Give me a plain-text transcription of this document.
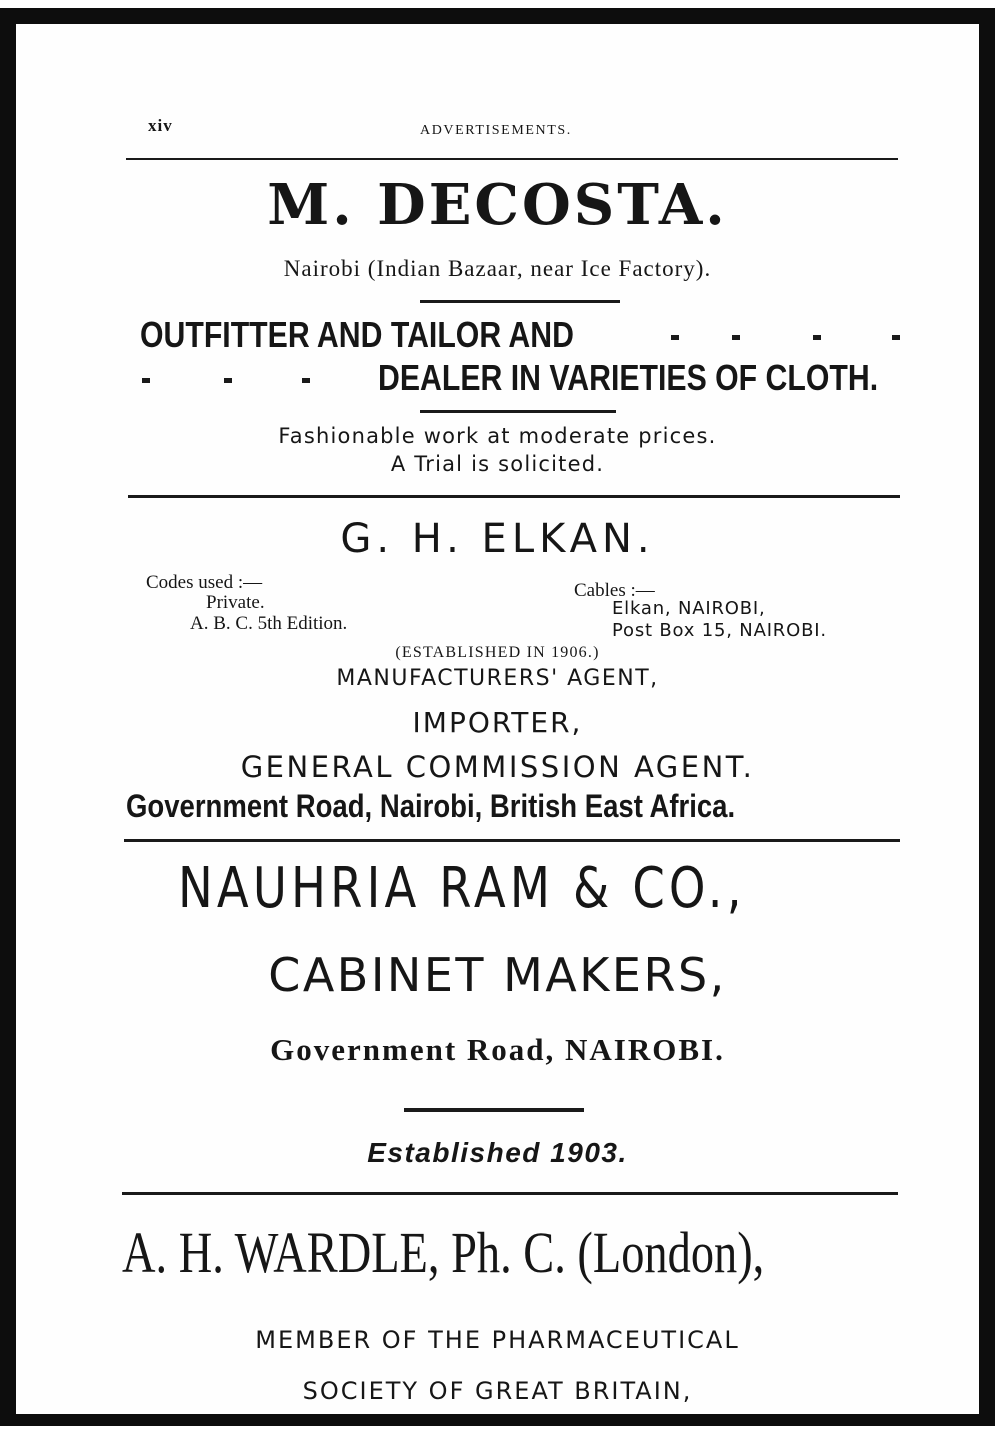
xiv	ADVERTISEMENTS.
M. DECOSTA.
Nairobi (Indian Bazaar, near Ice Factory).
OUTFITTER AND TAILOR AND
DEALER IN VARIETIES OF CLOTH.
Fashionable work at moderate prices.
A Trial is solicited.
G. H. ELKAN.
Codes used :—
Private.
A. B. C. 5th Edition.
Cables :—
Elkan, NAIROBI,
Post Box 15, NAIROBI.
(ESTABLISHED IN 1906.)
MANUFACTURERS' AGENT,
IMPORTER,
GENERAL COMMISSION AGENT.
Government Road, Nairobi, British East Africa.
NAUHRIA RAM & CO.,
CABINET MAKERS,
Government Road, NAIROBI.
Established 1903.
A. H. WARDLE, Ph. C. (London),
MEMBER OF THE PHARMACEUTICAL
SOCIETY OF GREAT BRITAIN,
